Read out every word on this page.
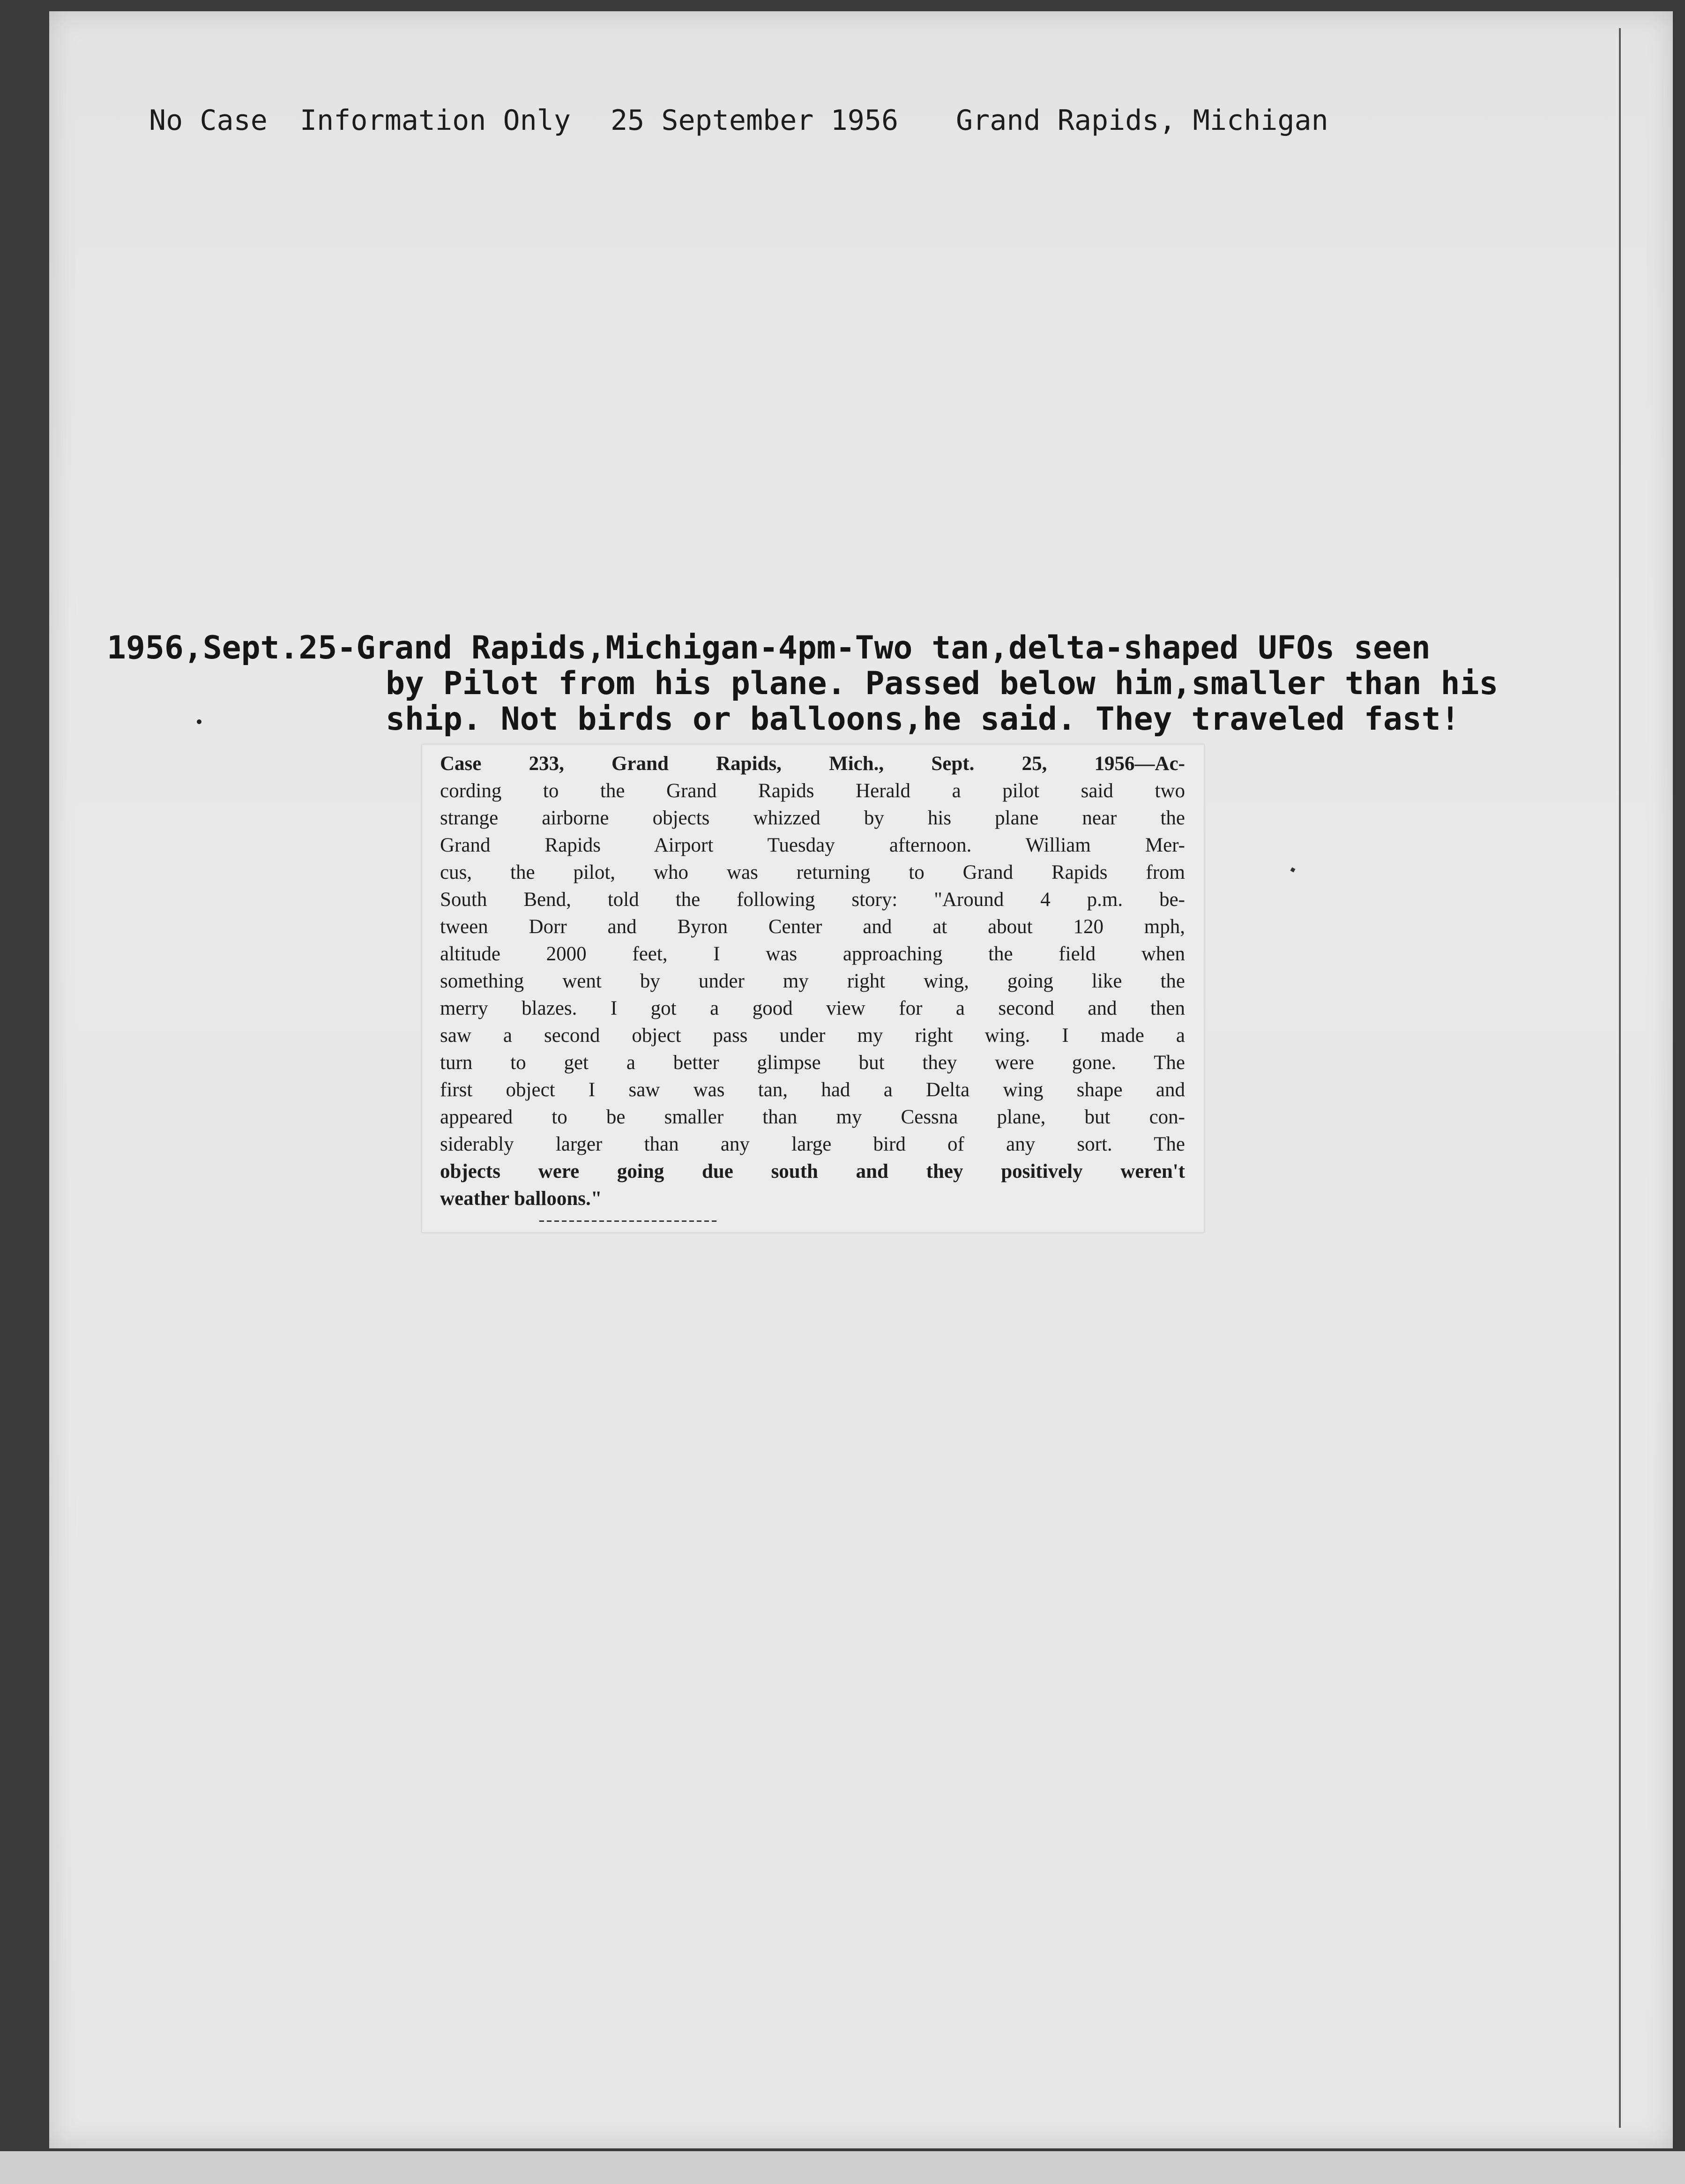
No Case Information Only 25 September 1956 Grand Rapids, Michigan
1956,Sept.25-Grand Rapids,Michigan-4pm-Two tan,delta-shaped UFOs seen
by Pilot from his plane. Passed below him,smaller than his
ship. Not birds or balloons,he said. They traveled fast!
Case 233, Grand Rapids, Mich., Sept. 25, 1956—Ac-
cording to the Grand Rapids Herald a pilot said two
strange airborne objects whizzed by his plane near the
Grand Rapids Airport Tuesday afternoon. William Mer-
cus, the pilot, who was returning to Grand Rapids from
South Bend, told the following story: "Around 4 p.m. be-
tween Dorr and Byron Center and at about 120 mph,
altitude 2000 feet, I was approaching the field when
something went by under my right wing, going like the
merry blazes. I got a good view for a second and then
saw a second object pass under my right wing. I made a
turn to get a better glimpse but they were gone. The
first object I saw was tan, had a Delta wing shape and
appeared to be smaller than my Cessna plane, but con-
siderably larger than any large bird of any sort. The
objects were going due south and they positively weren't
weather balloons."
